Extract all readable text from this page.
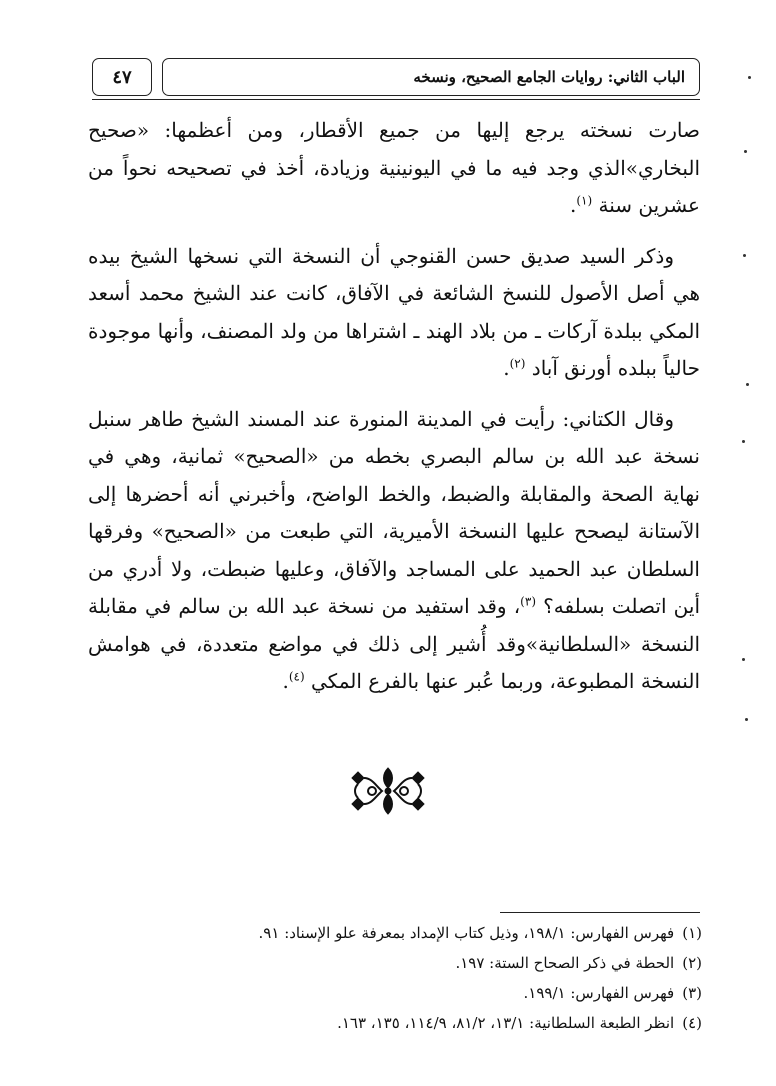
٤٧	الباب الثاني: روايات الجامع الصحيح، ونسخه

صارت نسخته يرجع إليها من جميع الأقطار، ومن أعظمها: «صحيح البخاري»الذي وجد فيه ما في اليونينية وزيادة، أخذ في تصحيحه نحواً من عشرين سنة $^{(١)}$.

وذكر السيد صديق حسن القنوجي أن النسخة التي نسخها الشيخ بيده هي أصل الأصول للنسخ الشائعة في الآفاق، كانت عند الشيخ محمد أسعد المكي ببلدة آركات ـ من بلاد الهند ـ اشتراها من ولد المصنف، وأنها موجودة حالياً ببلده أورنق آباد $^{(٢)}$.

وقال الكتاني: رأيت في المدينة المنورة عند المسند الشيخ طاهر سنبل نسخة عبد الله بن سالم البصري بخطه من «الصحيح» ثمانية، وهي في نهاية الصحة والمقابلة والضبط، والخط الواضح، وأخبرني أنه أحضرها إلى الآستانة ليصحح عليها النسخة الأميرية، التي طبعت من «الصحيح» وفرقها السلطان عبد الحميد على المساجد والآفاق، وعليها ضبطت، ولا أدري من أين اتصلت بسلفه؟ $^{(٣)}$، وقد استفيد من نسخة عبد الله بن سالم في مقابلة النسخة «السلطانية»وقد أُشير إلى ذلك في مواضع متعددة، في هوامش النسخة المطبوعة، وربما عُبر عنها بالفرع المكي $^{(٤)}$.

(١)فهرس الفهارس: ١٩٨/١، وذيل كتاب الإمداد بمعرفة علو الإسناد: ٩١.

(٢)الحطة في ذكر الصحاح الستة: ١٩٧.

(٣)فهرس الفهارس: ١٩٩/١.

(٤)انظر الطبعة السلطانية: ١٣/١، ٨١/٢، ١١٤/٩، ١٣٥، ١٦٣.
